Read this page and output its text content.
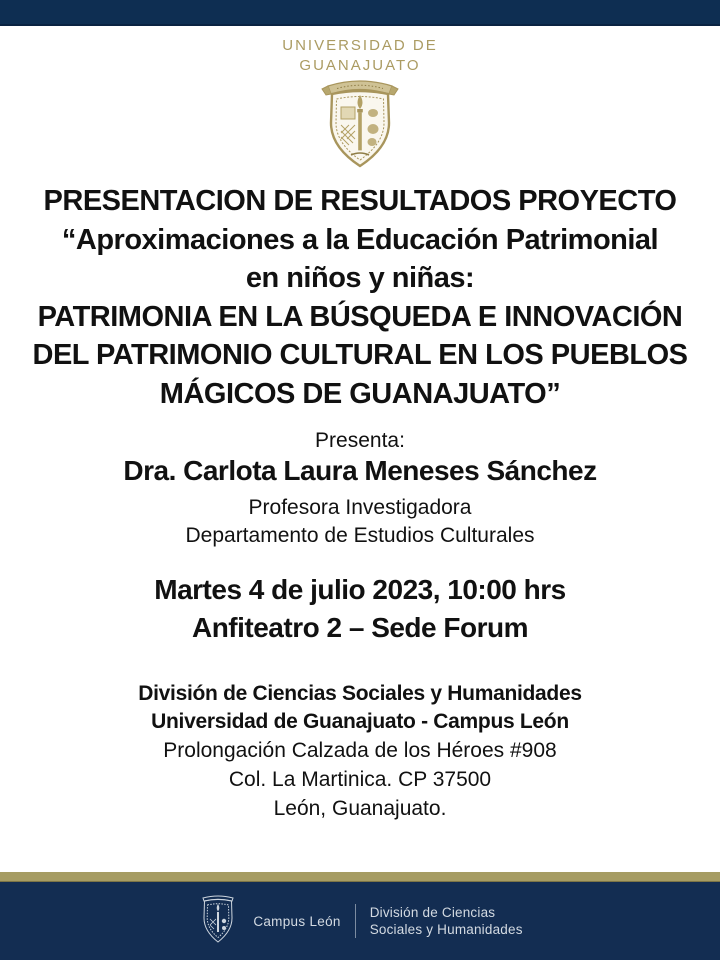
UNIVERSIDAD DE
GUANAJUATO
PRESENTACION DE RESULTADOS PROYECTO
“Aproximaciones a la Educación Patrimonial
en niños y niñas:
PATRIMONIA EN LA BÚSQUEDA E INNOVACIÓN
DEL PATRIMONIO CULTURAL EN LOS PUEBLOS
MÁGICOS DE GUANAJUATO”
Presenta:
Dra. Carlota Laura Meneses Sánchez
Profesora Investigadora
Departamento de Estudios Culturales
Martes 4 de julio 2023, 10:00 hrs
Anfiteatro 2 – Sede Forum
División de Ciencias Sociales y Humanidades
Universidad de Guanajuato - Campus León
Prolongación Calzada de los Héroes #908
Col. La Martinica. CP 37500
León, Guanajuato.
Campus León
División de Ciencias
Sociales y Humanidades
